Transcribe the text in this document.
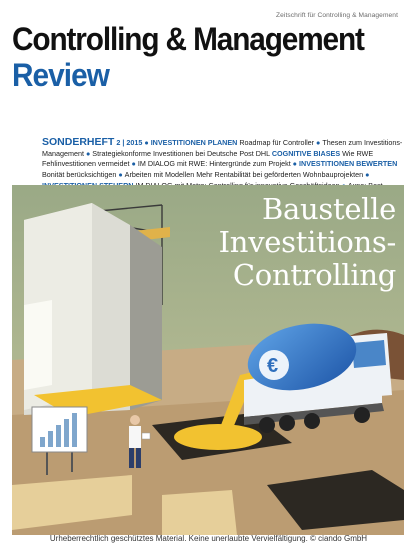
Zeitschrift für Controlling & Management
Controlling & Management
Review
SONDERHEFT 2 | 2015 ● INVESTITIONEN PLANEN Roadmap für Controller ● Thesen zum Investitions-Management ● Strategiekonforme Investitionen bei Deutsche Post DHL COGNITIVE BIASES Wie RWE Fehlinvestitionen vermeidet ● IM DIALOG mit RWE: Hintergründe zum Projekt ● INVESTITIONEN BEWERTEN Bonität berücksichtigen ● Arbeiten mit Modellen Mehr Rentabilität bei geförderten Wohnbauprojekten ●
€
Baustelle
Investitions-
Controlling
Urheberrechtlich geschütztes Material. Keine unerlaubte Vervielfältigung. © ciando GmbH
